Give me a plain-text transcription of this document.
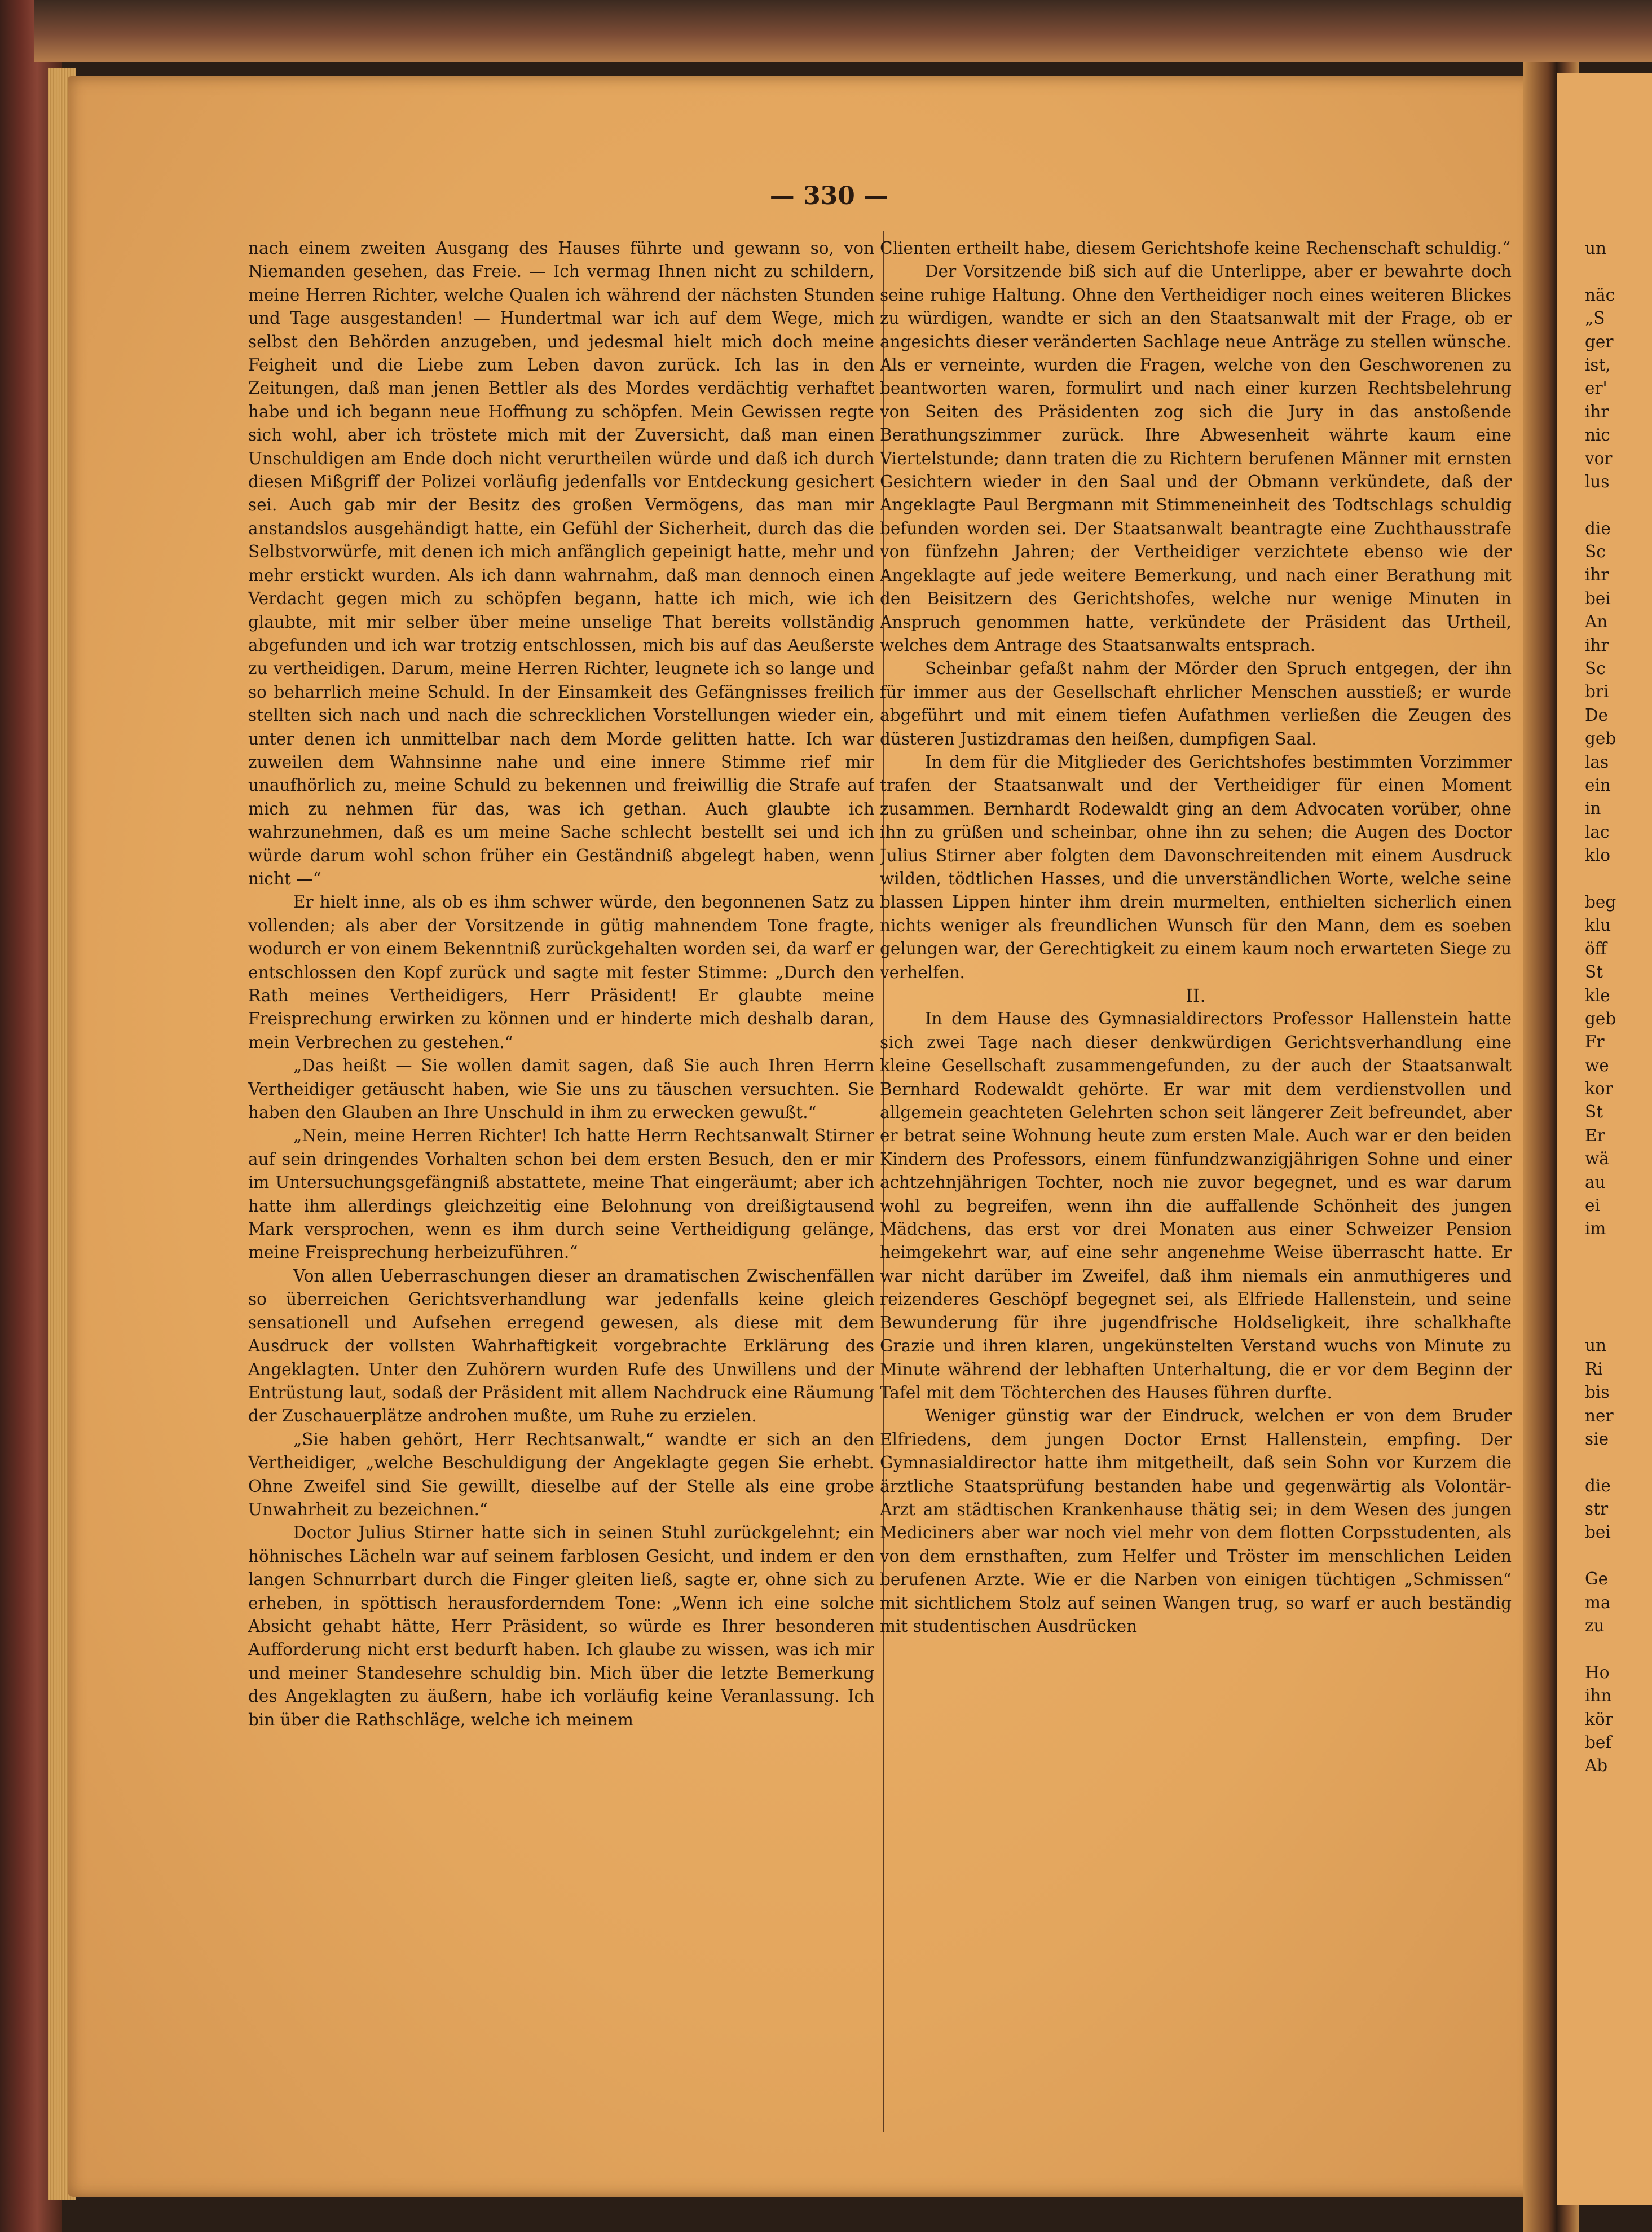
— 330 —

nach einem zweiten Ausgang des Hauses führte und gewann so, von Niemanden gesehen, das Freie. — Ich vermag Ihnen nicht zu schildern, meine Herren Richter, welche Qualen ich während der nächsten Stunden und Tage ausgestanden! — Hundertmal war ich auf dem Wege, mich selbst den Behörden anzugeben, und jedesmal hielt mich doch meine Feigheit und die Liebe zum Leben davon zurück. Ich las in den Zeitungen, daß man jenen Bettler als des Mordes verdächtig verhaftet habe und ich begann neue Hoffnung zu schöpfen. Mein Gewissen regte sich wohl, aber ich tröstete mich mit der Zuversicht, daß man einen Unschuldigen am Ende doch nicht verurtheilen würde und daß ich durch diesen Mißgriff der Polizei vorläufig jedenfalls vor Entdeckung gesichert sei. Auch gab mir der Besitz des großen Vermögens, das man mir anstandslos ausgehändigt hatte, ein Gefühl der Sicherheit, durch das die Selbstvorwürfe, mit denen ich mich anfänglich gepeinigt hatte, mehr und mehr erstickt wurden. Als ich dann wahrnahm, daß man dennoch einen Verdacht gegen mich zu schöpfen begann, hatte ich mich, wie ich glaubte, mit mir selber über meine unselige That bereits vollständig abgefunden und ich war trotzig entschlossen, mich bis auf das Aeußerste zu vertheidigen. Darum, meine Herren Richter, leugnete ich so lange und so beharrlich meine Schuld. In der Einsamkeit des Gefängnisses freilich stellten sich nach und nach die schrecklichen Vorstellungen wieder ein, unter denen ich unmittelbar nach dem Morde gelitten hatte. Ich war zuweilen dem Wahnsinne nahe und eine innere Stimme rief mir unaufhörlich zu, meine Schuld zu bekennen und freiwillig die Strafe auf mich zu nehmen für das, was ich gethan. Auch glaubte ich wahrzunehmen, daß es um meine Sache schlecht bestellt sei und ich würde darum wohl schon früher ein Geständniß abgelegt haben, wenn nicht —“

Er hielt inne, als ob es ihm schwer würde, den begonnenen Satz zu vollenden; als aber der Vorsitzende in gütig mahnendem Tone fragte, wodurch er von einem Bekenntniß zurückgehalten worden sei, da warf er entschlossen den Kopf zurück und sagte mit fester Stimme: „Durch den Rath meines Vertheidigers, Herr Präsident! Er glaubte meine Freisprechung erwirken zu können und er hinderte mich deshalb daran, mein Verbrechen zu gestehen.“

„Das heißt — Sie wollen damit sagen, daß Sie auch Ihren Herrn Vertheidiger getäuscht haben, wie Sie uns zu täuschen versuchten. Sie haben den Glauben an Ihre Unschuld in ihm zu erwecken gewußt.“

„Nein, meine Herren Richter! Ich hatte Herrn Rechtsanwalt Stirner auf sein dringendes Vorhalten schon bei dem ersten Besuch, den er mir im Untersuchungsgefängniß abstattete, meine That eingeräumt; aber ich hatte ihm allerdings gleichzeitig eine Belohnung von dreißigtausend Mark versprochen, wenn es ihm durch seine Vertheidigung gelänge, meine Freisprechung herbeizuführen.“

Von allen Ueberraschungen dieser an dramatischen Zwischenfällen so überreichen Gerichtsverhandlung war jedenfalls keine gleich sensationell und Aufsehen erregend gewesen, als diese mit dem Ausdruck der vollsten Wahrhaftigkeit vorgebrachte Erklärung des Angeklagten. Unter den Zuhörern wurden Rufe des Unwillens und der Entrüstung laut, sodaß der Präsident mit allem Nachdruck eine Räumung der Zuschauerplätze androhen mußte, um Ruhe zu erzielen.

„Sie haben gehört, Herr Rechtsanwalt,“ wandte er sich an den Vertheidiger, „welche Beschuldigung der Angeklagte gegen Sie erhebt. Ohne Zweifel sind Sie gewillt, dieselbe auf der Stelle als eine grobe Unwahrheit zu bezeichnen.“

Doctor Julius Stirner hatte sich in seinen Stuhl zurückgelehnt; ein höhnisches Lächeln war auf seinem farblosen Gesicht, und indem er den langen Schnurrbart durch die Finger gleiten ließ, sagte er, ohne sich zu erheben, in spöttisch herausforderndem Tone: „Wenn ich eine solche Absicht gehabt hätte, Herr Präsident, so würde es Ihrer besonderen Aufforderung nicht erst bedurft haben. Ich glaube zu wissen, was ich mir und meiner Standesehre schuldig bin. Mich über die letzte Bemerkung des Angeklagten zu äußern, habe ich vorläufig keine Veranlassung. Ich bin über die Rathschläge, welche ich meinem

Clienten ertheilt habe, diesem Gerichtshofe keine Rechenschaft schuldig.“

Der Vorsitzende biß sich auf die Unterlippe, aber er bewahrte doch seine ruhige Haltung. Ohne den Vertheidiger noch eines weiteren Blickes zu würdigen, wandte er sich an den Staatsanwalt mit der Frage, ob er angesichts dieser veränderten Sachlage neue Anträge zu stellen wünsche. Als er verneinte, wurden die Fragen, welche von den Geschworenen zu beantworten waren, formulirt und nach einer kurzen Rechtsbelehrung von Seiten des Präsidenten zog sich die Jury in das anstoßende Berathungszimmer zurück. Ihre Abwesenheit währte kaum eine Viertelstunde; dann traten die zu Richtern berufenen Männer mit ernsten Gesichtern wieder in den Saal und der Obmann verkündete, daß der Angeklagte Paul Bergmann mit Stimmeneinheit des Todtschlags schuldig befunden worden sei. Der Staatsanwalt beantragte eine Zuchthausstrafe von fünfzehn Jahren; der Vertheidiger verzichtete ebenso wie der Angeklagte auf jede weitere Bemerkung, und nach einer Berathung mit den Beisitzern des Gerichtshofes, welche nur wenige Minuten in Anspruch genommen hatte, verkündete der Präsident das Urtheil, welches dem Antrage des Staatsanwalts entsprach.

Scheinbar gefaßt nahm der Mörder den Spruch entgegen, der ihn für immer aus der Gesellschaft ehrlicher Menschen ausstieß; er wurde abgeführt und mit einem tiefen Aufathmen verließen die Zeugen des düsteren Justizdramas den heißen, dumpfigen Saal.

In dem für die Mitglieder des Gerichtshofes bestimmten Vorzimmer trafen der Staatsanwalt und der Vertheidiger für einen Moment zusammen. Bernhardt Rodewaldt ging an dem Advocaten vorüber, ohne ihn zu grüßen und scheinbar, ohne ihn zu sehen; die Augen des Doctor Julius Stirner aber folgten dem Davonschreitenden mit einem Ausdruck wilden, tödtlichen Hasses, und die unverständlichen Worte, welche seine blassen Lippen hinter ihm drein murmelten, enthielten sicherlich einen nichts weniger als freundlichen Wunsch für den Mann, dem es soeben gelungen war, der Gerechtigkeit zu einem kaum noch erwarteten Siege zu verhelfen.

II.

In dem Hause des Gymnasialdirectors Professor Hallenstein hatte sich zwei Tage nach dieser denkwürdigen Gerichtsverhandlung eine kleine Gesellschaft zusammengefunden, zu der auch der Staatsanwalt Bernhard Rodewaldt gehörte. Er war mit dem verdienstvollen und allgemein geachteten Gelehrten schon seit längerer Zeit befreundet, aber er betrat seine Wohnung heute zum ersten Male. Auch war er den beiden Kindern des Professors, einem fünfundzwanzigjährigen Sohne und einer achtzehnjährigen Tochter, noch nie zuvor begegnet, und es war darum wohl zu begreifen, wenn ihn die auffallende Schönheit des jungen Mädchens, das erst vor drei Monaten aus einer Schweizer Pension heimgekehrt war, auf eine sehr angenehme Weise überrascht hatte. Er war nicht darüber im Zweifel, daß ihm niemals ein anmuthigeres und reizenderes Geschöpf begegnet sei, als Elfriede Hallenstein, und seine Bewunderung für ihre jugendfrische Holdseligkeit, ihre schalkhafte Grazie und ihren klaren, ungekünstelten Verstand wuchs von Minute zu Minute während der lebhaften Unterhaltung, die er vor dem Beginn der Tafel mit dem Töchterchen des Hauses führen durfte.

Weniger günstig war der Eindruck, welchen er von dem Bruder Elfriedens, dem jungen Doctor Ernst Hallenstein, empfing. Der Gymnasialdirector hatte ihm mitgetheilt, daß sein Sohn vor Kurzem die ärztliche Staatsprüfung bestanden habe und gegenwärtig als Volontär-Arzt am städtischen Krankenhause thätig sei; in dem Wesen des jungen Mediciners aber war noch viel mehr von dem flotten Corpsstudenten, als von dem ernsthaften, zum Helfer und Tröster im menschlichen Leiden berufenen Arzte. Wie er die Narben von einigen tüchtigen „Schmissen“ mit sichtlichem Stolz auf seinen Wangen trug, so warf er auch beständig mit studentischen Ausdrücken

un
näc
„S
ger
ist,
er'
ihr
nic
vor
lus
die
Sc
ihr
bei
An
ihr
Sc
bri
De
geb
las
ein
in
lac
klo
beg
klu
öff
St
kle
geb
Fr
we
kor
St
Er
wä
au
ei
im
un
Ri
bis
ner
sie
die
str
bei
Ge
ma
zu
Ho
ihn
kör
bef
Ab
